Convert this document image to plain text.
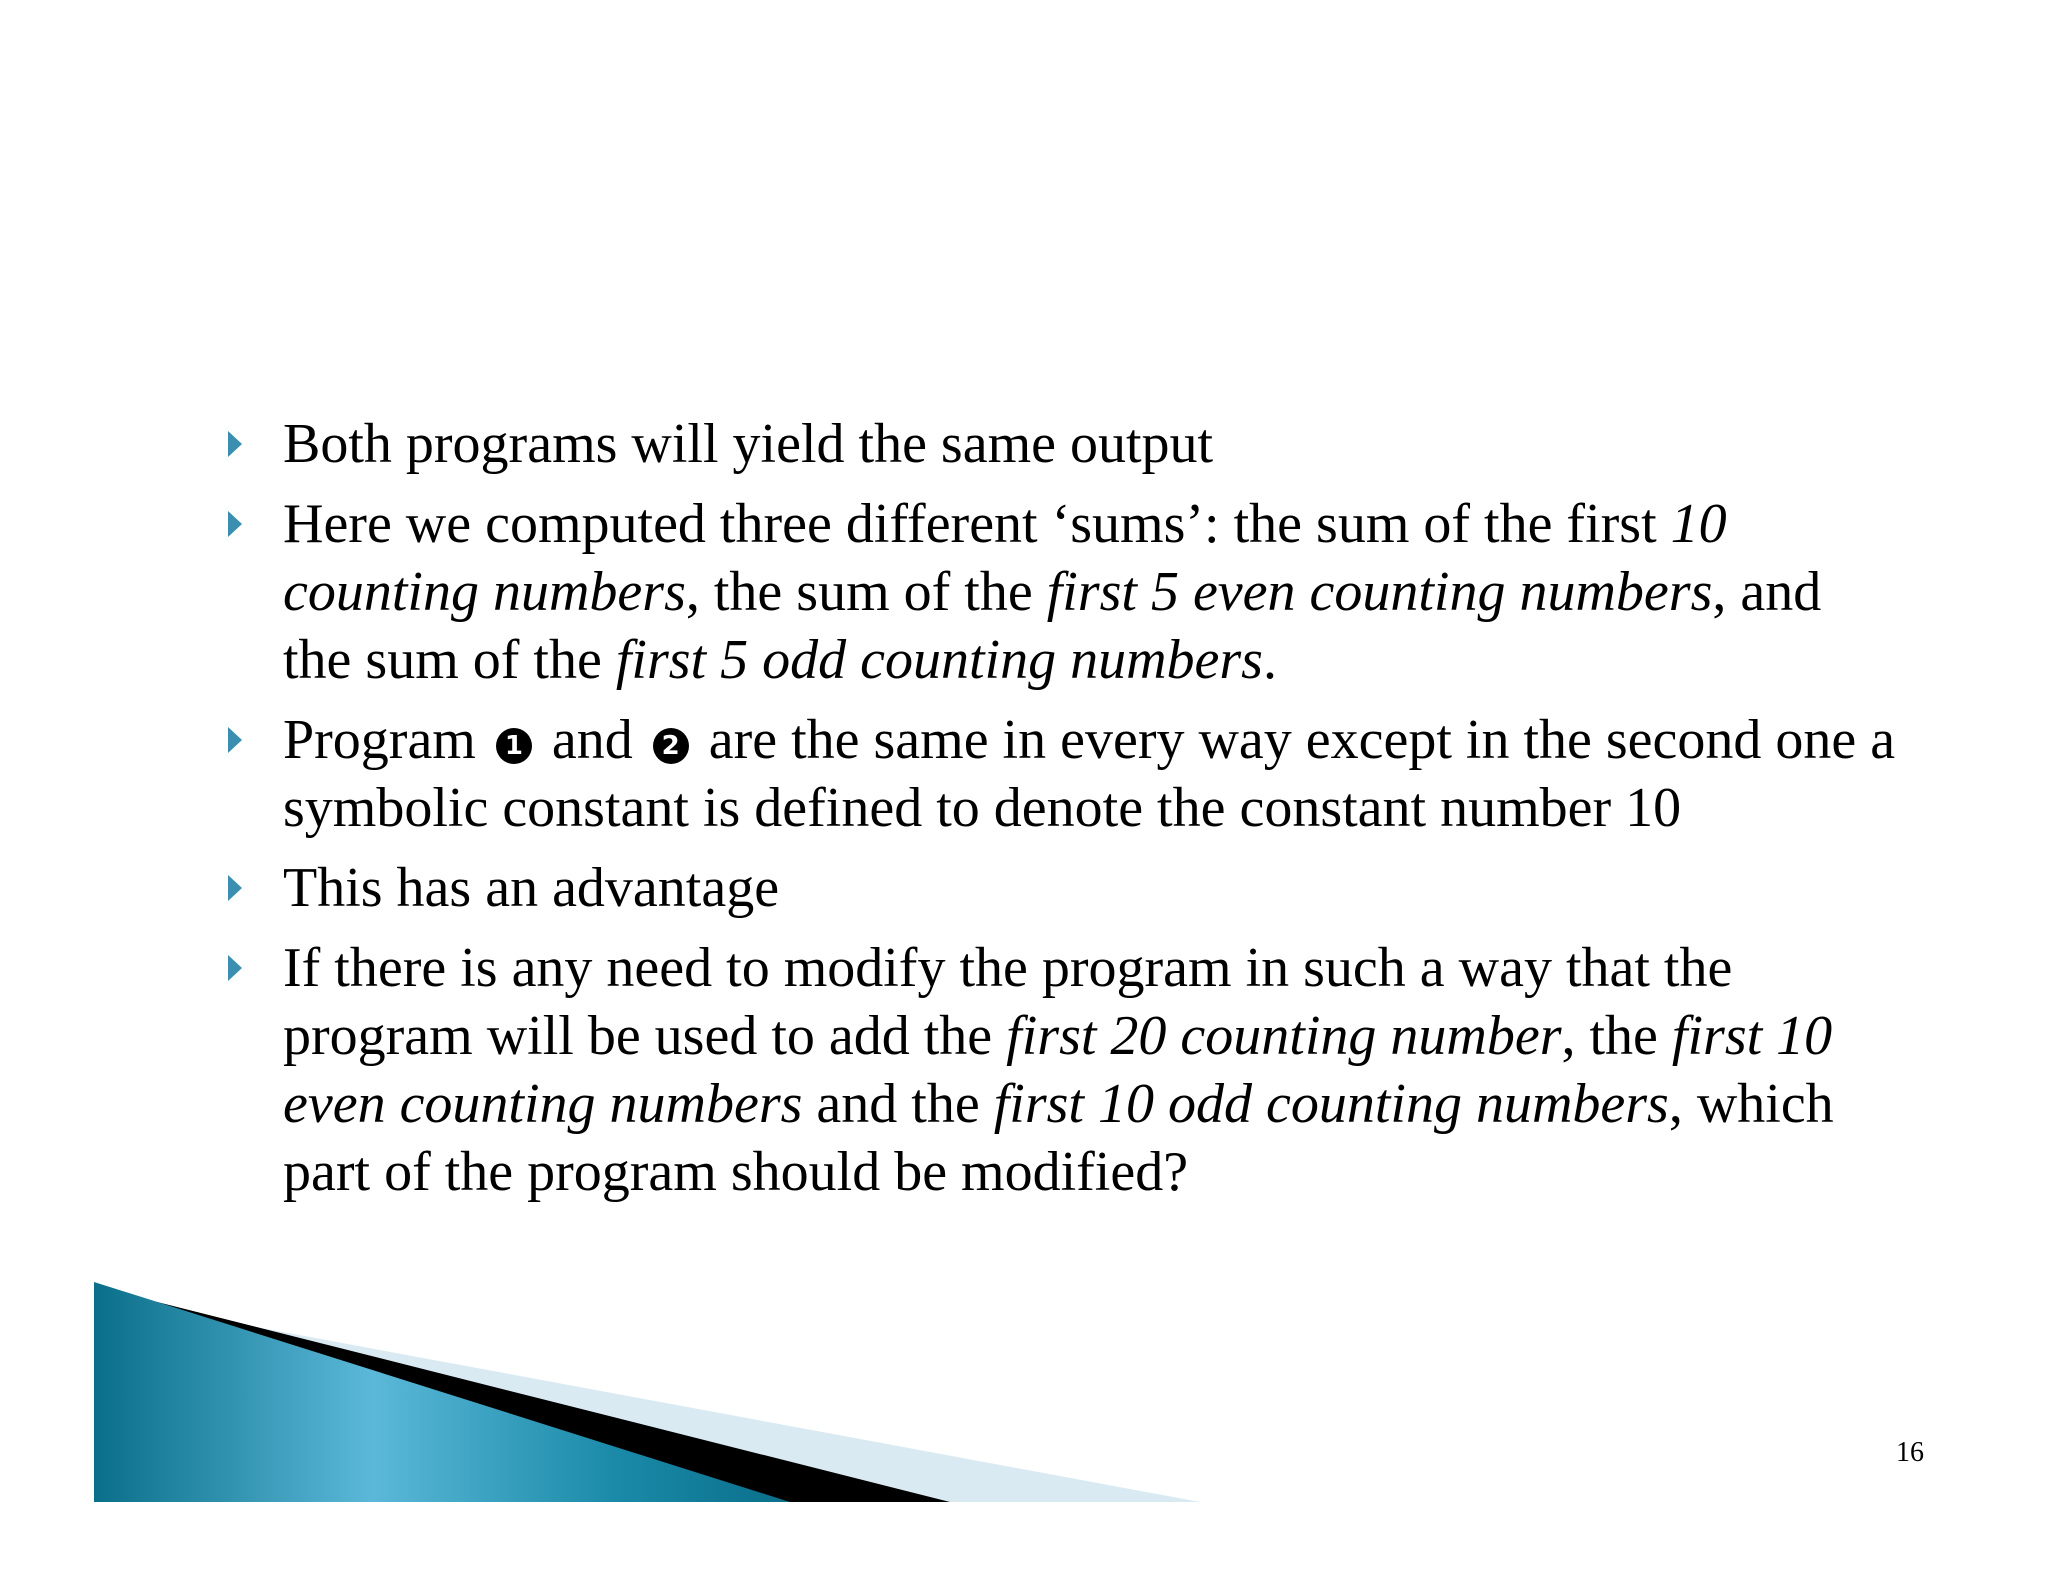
Both programs will yield the same output
Here we computed three different ‘sums’: the sum of the first 10 counting numbers, the sum of the first 5 even counting numbers, and the sum of the first 5 odd counting numbers.
Program 1 and 2 are the same in every way except in the second one a symbolic constant is defined to denote the constant number 10
This has an advantage
If there is any need to modify the program in such a way that the program will be used to add the first 20 counting number, the first 10 even counting numbers and the first 10 odd counting numbers, which part of the program should be modified?
16
